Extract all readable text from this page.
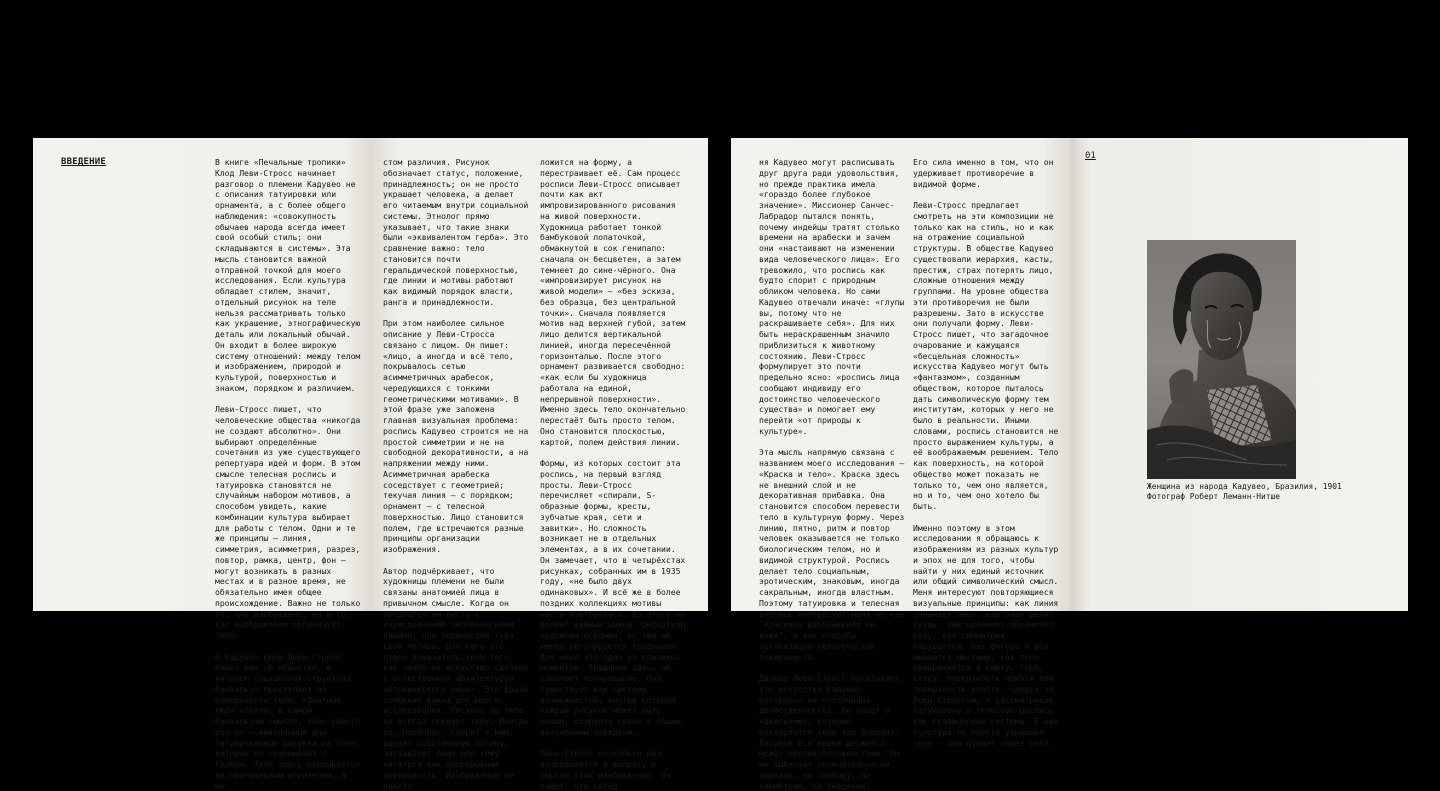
ВВЕДЕНИЕ	В книге «Печальные тропики» Клод Леви-Стросс начинает разговор о племени Кадувео не с описания татуировки или орнамента, а с более общего наблюдения: «совокупность обычаев народа всегда имеет свой особый стиль; они складываются в системы». Эта мысль становится важной отправной точкой для моего исследования. Если культура обладает стилем, значит, отдельный рисунок на теле нельзя рассматривать только как украшение, этнографическую деталь или локальный обычай. Он входит в более широкую систему отношений: между телом и изображением, природой и культурой, поверхностью и знаком, порядком и различием.

Леви-Стросс пишет, что человеческие общества «никогда не создают абсолютно». Они выбирают определённые сочетания из уже существующего репертуара идей и форм. В этом смысле телесная роспись и татуировка становятся не случайным набором мотивов, а способом увидеть, какие комбинации культура выбирает для работы с телом. Одни и те же принципы — линия, симметрия, асимметрия, разрез, повтор, рамка, центр, фон — могут возникать в разных местах и в разное время, не обязательно имея общее происхождение. Важно не только то, что изображено, но и то, как изображение организует тело.

О Кадувео Клод Леви-Стросс пишет как об обществе, в котором социальная структура буквально проступает на поверхности тела. «Знатные люди носили, в самом буквальном смысле, знак своего ранга» — живописные или татуированные рисунки на теле, которые он сравнивает с гербом. Тело здесь оказывается не нейтральным носителем, а ме-

стом различия. Рисунок обозначает статус, положение, принадлежность; он не просто украшает человека, а делает его читаемым внутри социальной системы. Этнолог прямо указывает, что такие знаки были «эквивалентом герба». Это сравнение важно: тело становится почти геральдической поверхностью, где линии и мотивы работают как видимый порядок власти, ранга и принадлежности.

При этом наиболее сильное описание у Леви-Стросса связано с лицом. Он пишет: «лицо, а иногда и всё тело, покрывалось сетью асимметричных арабесок, чередующихся с тонкими геометрическими мотивами». В этой фразе уже заложена главная визуальная проблема: роспись Кадувео строится не на простой симметрии и не на свободной декоративности, а на напряжении между ними. Асимметричная арабеска соседствует с геометрией; текучая линия — с порядком; орнамент — с телесной поверхностью. Лицо становится полем, где встречаются разные принципы организации изображения.

Автор подчёркивает, что художницы племени не были связаны анатомией лица в привычном смысле. Когда он предлагал им листы с нарисованными человеческими лицами, они переносили туда свои мотивы. Для него это стало доказательством того, как «мало их искусство связано с естественной архитектурой человеческого лица». Эта фраза особенно важна для моего исследования. Рисунок на теле не всегда следует телу. Иногда он, наоборот, спорит с ним, вводит собственную логику, заставляет лицо или кожу читаться как непрерывная поверхность. Изображение не просто

ложится на форму, а перестраивает её. Сам процесс росписи Леви-Стросс описывает почти как акт импровизированного рисования на живой поверхности. Художница работает тонкой бамбуковой лопаточкой, обмакнутой в сок генипапо: сначала он бесцветен, а затем темнеет до сине-чёрного. Она «импровизирует рисунок на живой модели» — «без эскиза, без образца, без центральной точки». Сначала появляется мотив над верхней губой, затем лицо делится вертикальной линией, иногда пересечённой горизонталью. После этого орнамент развивается свободно: «как если бы художница работала на единой, непрерывной поверхности». Именно здесь тело окончательно перестаёт быть просто телом. Оно становится плоскостью, картой, полем действия линии.

Формы, из которых состоит эта роспись, на первый взгляд просты. Леви-Стросс перечисляет «спирали, S-образные формы, кресты, зубчатые края, сети и завитки». Но сложность возникает не в отдельных элементах, а в их сочетании. Он замечает, что в четырёхстах рисунках, собранных им в 1935 году, «не было двух одинаковых». И всё же в более поздних коллекциях мотивы часто повторялись. Из этого он делает важный вывод: репертуар художниц огромен, но тем не менее регулируется традицией. Для меня это один из ключевых моментов. Традиция здесь не означает копирование. Она существует как система возможностей, внутри которой каждый рисунок может быть новым, сохраняя связь с общим визуальным порядком.

Леви-Стросс несколько раз возвращается к вопросу о смысле этих изображений. Он пишет, что сегод-

ня Кадувео могут расписывать друг друга ради удовольствия, но прежде практика имела «гораздо более глубокое значение». Миссионер Санчес-Лабрадор пытался понять, почему индейцы тратят столько времени на арабески и зачем они «настаивают на изменении вида человеческого лица». Его тревожило, что роспись как будто спорит с природным обликом человека. Но сами Кадувео отвечали иначе: «глупы вы, потому что не раскрашиваете себя». Для них быть нераскрашенным значило приблизиться к животному состоянию. Леви-Стросс формулирует это почти предельно ясно: «роспись лица сообщают индивиду его достоинство человеческого существа» и помогает ему перейти «от природы к культуре».

Эта мысль напрямую связана с названием моего исследования — «Краска и тело». Краска здесь не внешний слой и не декоративная прибавка. Она становится способом перевести тело в культурную форму. Через линию, пятно, ритм и повтор человек оказывается не только биологическим телом, но и видимой структурой. Роспись делает тело социальным, эротическим, знаковым, иногда сакральным, иногда властным. Поэтому татуировка и телесная роспись интересуют меня не как "красивые изображения на коже", а как способы организации человеческой поверхности.

Дальше Леви-Стросс показывает, что искусство Кадувео построено на постоянных двойственностях. Он пишет о «дуализме», который повторяется «как зал зеркал». Рисунок всё время держится между противоположностями. Он не выбирает окончательно ни порядок, ни свободу, ни симметрию, ни смещение.

Его сила именно в том, что он удерживает противоречие в видимой форме.

Леви-Стросс предлагает смотреть на эти композиции не только как на стиль, но и как на отражение социальной структуры. В обществе Кадувео существовали иерархия, касты, престиж, страх потерять лицо, сложные отношения между группами. На уровне общества эти противоречия не были разрешены. Зато в искусстве они получали форму. Леви-Стросс пишет, что загадочное очарование и кажущаяся «бесцельная сложность» искусства Кадувео могут быть «фантазмом», созданным обществом, которое пыталось дать символическую форму тем институтам, которых у него не было в реальности. Иными словами, роспись становится не просто выражением культуры, а её воображаемым решением. Тело как поверхность, на которой общество может показать не только то, чем оно является, но и то, чем оно хотело бы быть.

Именно поэтому в этом исследовании я обращаюсь к изображениям из разных культур и эпох не для того, чтобы найти у них единый источник или общий символический смысл. Меня интересуют повторяющиеся визуальные принципы: как линия занимает лицо, как знак делит грудь, как орнамент обрамляет руку, как симметрия нарушается, как фигура и фон меняются местами, как тело превращается в карту, герб, сетку, поверхность памяти или поверхность власти. Следуя за Леви-Строссом, я рассматриваю татуировку и телесную роспись как графические системы. В них культура не просто украшает тело — она думает через него.

01
Женщина из народа Кадувео, Бразилия, 1901
Фотограф Роберт Леманн-Нитше
